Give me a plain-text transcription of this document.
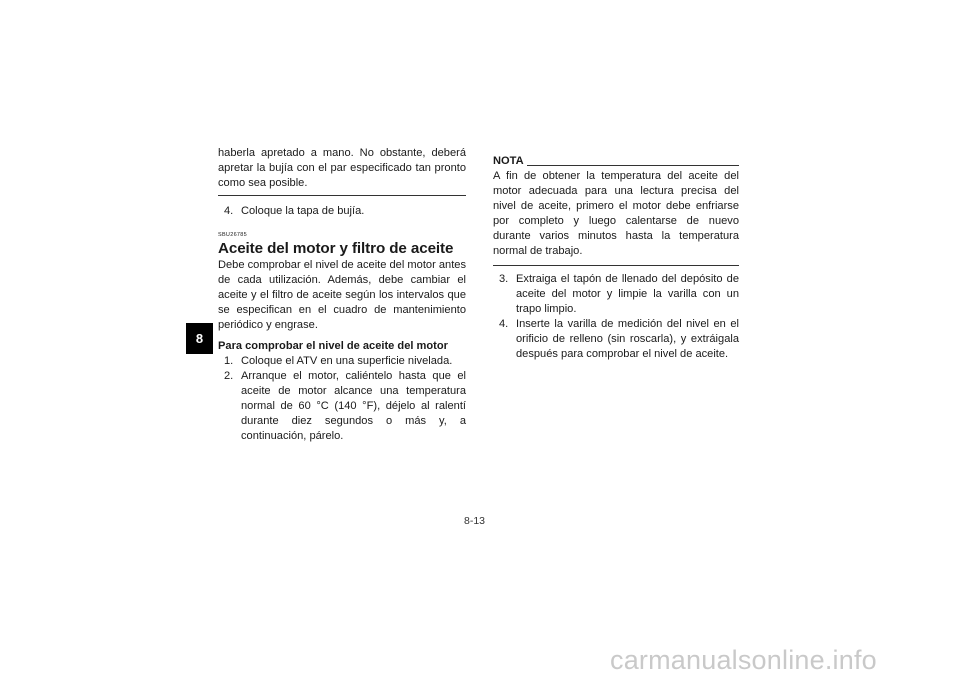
8

haberla apretado a mano. No obstante, deberá apretar la bujía con el par especificado tan pronto como sea posible.

4. Coloque la tapa de bujía.
SBU26785
Aceite del motor y filtro de aceite

Debe comprobar el nivel de aceite del motor antes de cada utilización. Además, debe cambiar el aceite y el filtro de aceite según los intervalos que se especifican en el cuadro de mantenimiento periódico y engrase.

Para comprobar el nivel de aceite del motor

1. Coloque el ATV en una superficie nivelada.
2. Arranque el motor, caliéntelo hasta que el aceite de motor alcance una temperatura normal de 60 °C (140 °F), déjelo al ralentí durante diez segundos o más y, a continuación, párelo.
NOTA

A fin de obtener la temperatura del aceite del motor adecuada para una lectura precisa del nivel de aceite, primero el motor debe enfriarse por completo y luego calentarse de nuevo durante varios minutos hasta la temperatura normal de trabajo.

3. Extraiga el tapón de llenado del depósito de aceite del motor y limpie la varilla con un trapo limpio.
4. Inserte la varilla de medición del nivel en el orificio de relleno (sin roscarla), y extráigala después para comprobar el nivel de aceite.
8-13
carmanualsonline.info
